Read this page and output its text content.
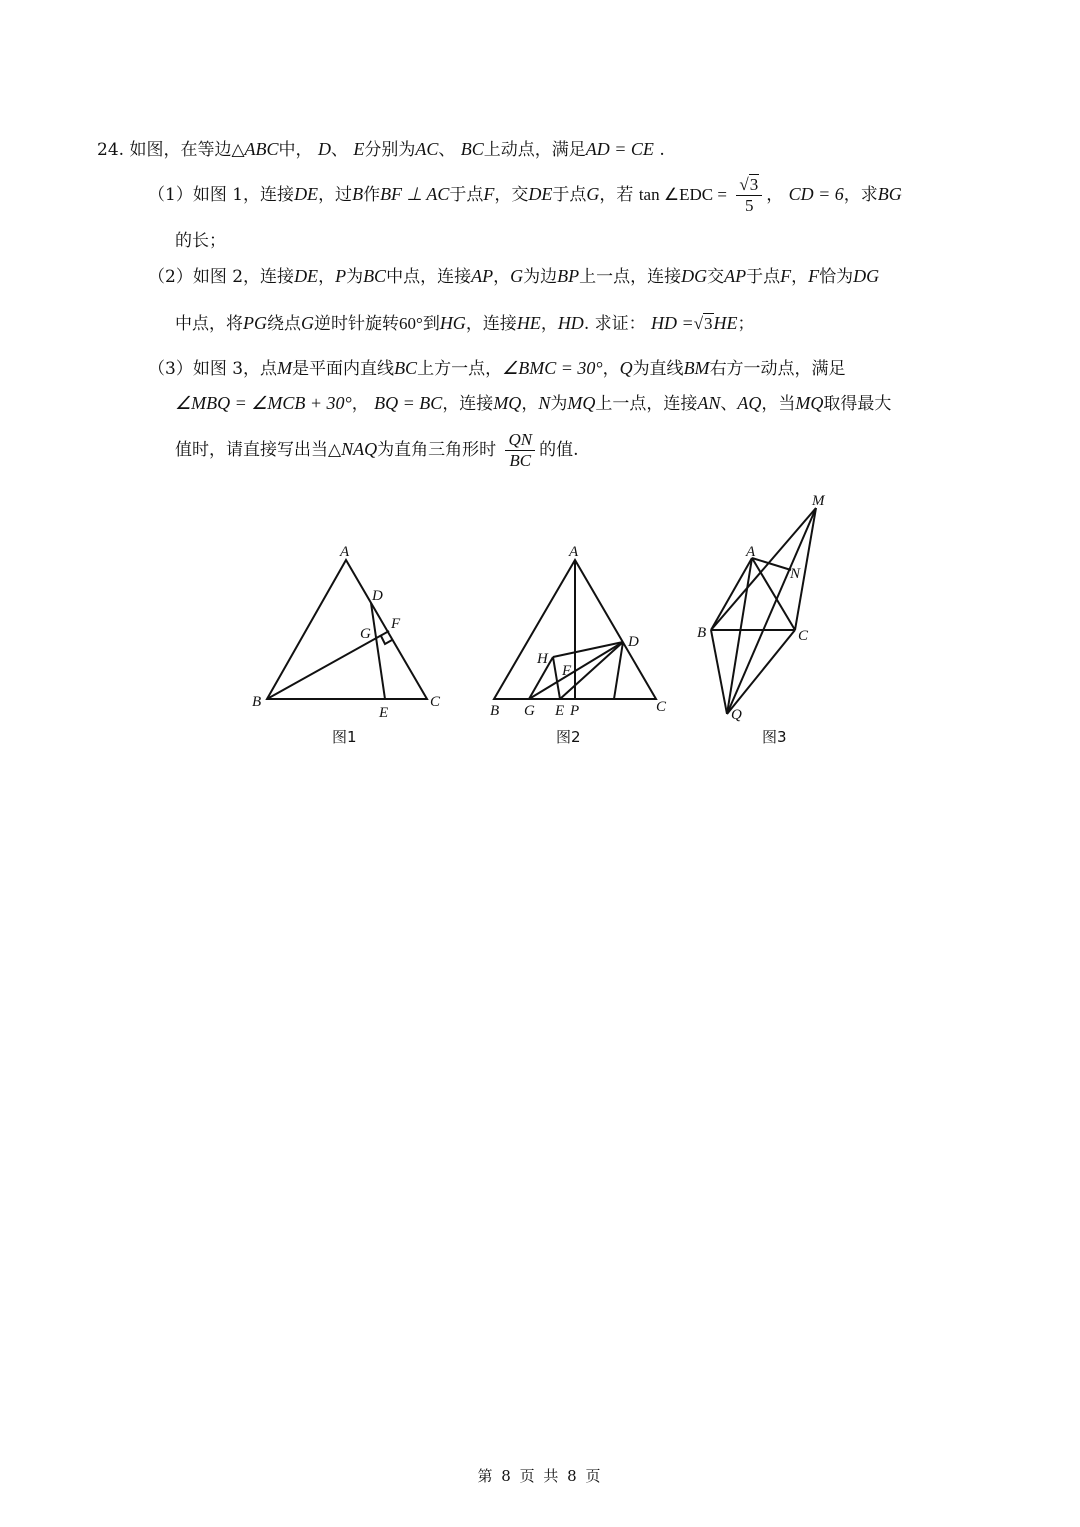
24. 如图，在等边△ABC中， D、 E分别为AC、 BC上动点，满足AD = CE .
（1）如图 1，连接DE，过B作BF ⊥ AC于点F，交DE于点G，若 tan ∠EDC = $\frac{√3}{5}$ ， CD = 6，求BG
的长；
（2）如图 2，连接DE，P为BC中点，连接AP，G为边BP上一点，连接DG交AP于点F，F恰为DG
中点，将PG绕点G逆时针旋转60°到HG，连接HE，HD. 求证： HD =√3HE；
（3）如图 3，点M是平面内直线BC上方一点，∠BMC = 30°，Q为直线BM右方一动点，满足
∠MBQ = ∠MCB + 30°， BQ = BC，连接MQ，N为MQ上一点，连接AN、AQ，当MQ取得最大
值时，请直接写出当△NAQ为直角三角形时 $\frac{QN}{BC}$ 的值.
A
D
G
F
B
E
C
A
H
F
D
B G E P	C
M
A
N
B	C
Q
图1	图2	图3
第 8 页 共 8 页
